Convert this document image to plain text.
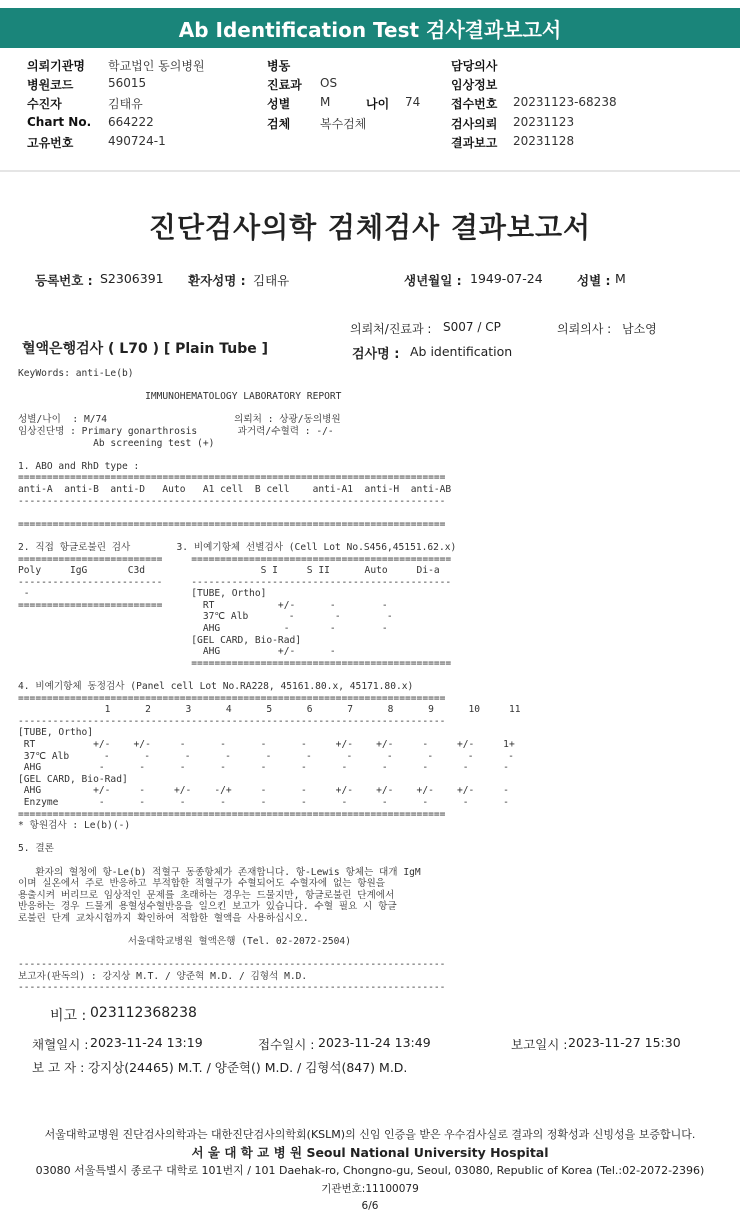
Ab Identification Test 검사결과보고서
의뢰기관명 학교법인 동의병원
병원코드	56015
수진자	김태유
Chart No. 664222
고유번호	490724-1
병동
진료과 OS
성별 M	나이 74
검체 복수검체
담당의사
임상정보
접수번호 20231123-68238
검사의뢰 20231123
결과보고 20231128
진단검사의학 검체검사 결과보고서
등록번호 : S2306391 환자성명 : 김태유	생년월일 : 1949-07-24	성별 : M
의뢰처/진료과 : S007 / CP	의뢰의사 : 남소영
혈액은행검사 ( L70 ) [ Plain Tube ]	검사명 : Ab identification
KeyWords: anti-Le(b)

IMMUNOHEMATOLOGY LABORATORY REPORT

성별/나이  : M/74                      의뢰처 : 상광/동의병원
임상진단명 : Primary gonarthrosis       과거력/수혈력 : -/-
Ab screening test (+)

1. ABO and RhD type :
==========================================================================
anti-A  anti-B  anti-D   Auto   A1 cell  B cell    anti-A1  anti-H  anti-AB
--------------------------------------------------------------------------

==========================================================================

2. 직접 항글로불린 검사        3. 비예기항체 선별검사 (Cell Lot No.S456,45151.62.x)
=========================     =============================================
Poly     IgG       C3d                    S I     S II      Auto     Di-a
-------------------------     ---------------------------------------------
-                            [TUBE, Ortho]
=========================       RT           +/-      -        -
37℃ Alb       -       -        -
AHG           -       -        -
[GEL CARD, Bio-Rad]
AHG          +/-      -
=============================================

4. 비예기항체 동정검사 (Panel cell Lot No.RA228, 45161.80.x, 45171.80.x)
==========================================================================
1      2      3      4      5      6      7      8      9      10     11
--------------------------------------------------------------------------
[TUBE, Ortho]
RT          +/-    +/-     -      -      -      -     +/-    +/-     -     +/-     1+
37℃ Alb      -      -      -      -      -      -      -      -      -      -      -
AHG          -      -      -      -      -      -      -      -      -      -      -
[GEL CARD, Bio-Rad]
AHG         +/-     -     +/-    -/+     -      -     +/-    +/-    +/-    +/-     -
Enzyme       -      -      -      -      -      -      -      -      -      -      -
==========================================================================
* 항원검사 : Le(b)(-)

5. 결론

환자의 혈청에 항-Le(b) 적혈구 동종항체가 존재합니다. 항-Lewis 항체는 대개 IgM
이며 실온에서 주로 반응하고 부적합한 적혈구가 수혈되어도 수혈자에 없는 항원을
용출시켜 버리므로 임상적인 문제를 초래하는 경우는 드물지만, 항글로불린 단계에서
반응하는 경우 드물게 용혈성수혈반응을 일으킨 보고가 있습니다. 수혈 필요 시 항글
로불린 단계 교차시험까지 확인하여 적합한 혈액을 사용하십시오.

서울대학교병원 혈액은행 (Tel. 02-2072-2504)

--------------------------------------------------------------------------
보고자(판독의) : 강지상 M.T. / 양준혁 M.D. / 김형석 M.D.
--------------------------------------------------------------------------
비고 : 023112368238
채혈일시 : 2023-11-24 13:19	접수일시 : 2023-11-24 13:49	보고일시 : 2023-11-27 15:30
보 고 자 : 강지상(24465) M.T. / 양준혁() M.D. / 김형석(847) M.D.
서울대학교병원 진단검사의학과는 대한진단검사의학회(KSLM)의 신임 인증을 받은 우수검사실로 결과의 정확성과 신빙성을 보증합니다.
서 울 대 학 교 병 원 Seoul National University Hospital
03080 서울특별시 종로구 대학로 101번지 / 101 Daehak-ro, Chongno-gu, Seoul, 03080, Republic of Korea (Tel.:02-2072-2396)
기관번호:11100079
6/6
